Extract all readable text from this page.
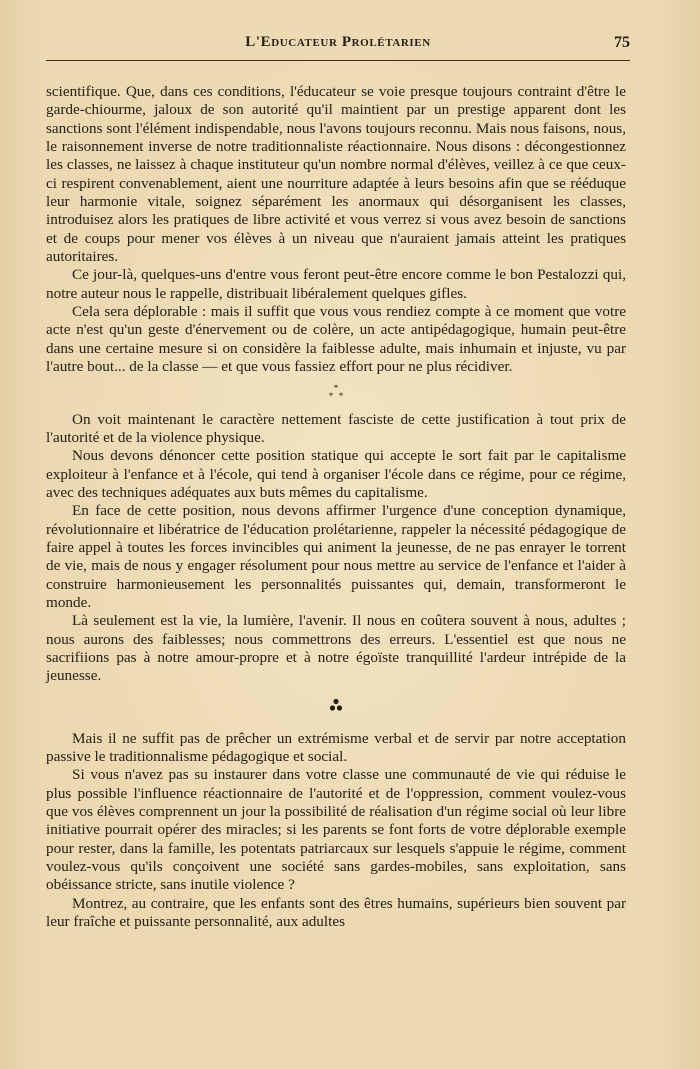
L'Educateur Prolétarien	75

scientifique. Que, dans ces conditions, l'éducateur se voie presque toujours contraint d'être le garde-chiourme, jaloux de son autorité qu'il maintient par un prestige apparent dont les sanctions sont l'élément indispendable, nous l'avons toujours reconnu. Mais nous faisons, nous, le raisonnement inverse de notre traditionnaliste réactionnaire. Nous disons : décongestionnez les classes, ne laissez à chaque instituteur qu'un nombre normal d'élèves, veillez à ce que ceux-ci respirent convenablement, aient une nourriture adaptée à leurs besoins afin que se rééduque leur harmonie vitale, soignez séparément les anormaux qui désorganisent les classes, introduisez alors les pratiques de libre activité et vous verrez si vous avez besoin de sanctions et de coups pour mener vos élèves à un niveau que n'auraient jamais atteint les pratiques autoritaires.

Ce jour-là, quelques-uns d'entre vous feront peut-être encore comme le bon Pestalozzi qui, notre auteur nous le rappelle, distribuait libéralement quelques gifles.

Cela sera déplorable : mais il suffit que vous vous rendiez compte à ce moment que votre acte n'est qu'un geste d'énervement ou de colère, un acte antipédagogique, humain peut-être dans une certaine mesure si on considère la faiblesse adulte, mais inhumain et injuste, vu par l'autre bout... de la classe — et que vous fassiez effort pour ne plus récidiver.

*
* *

On voit maintenant le caractère nettement fasciste de cette justification à tout prix de l'autorité et de la violence physique.

Nous devons dénoncer cette position statique qui accepte le sort fait par le capitalisme exploiteur à l'enfance et à l'école, qui tend à organiser l'école dans ce régime, pour ce régime, avec des techniques adéquates aux buts mêmes du capitalisme.

En face de cette position, nous devons affirmer l'urgence d'une conception dynamique, révolutionnaire et libératrice de l'éducation prolétarienne, rappeler la nécessité pédagogique de faire appel à toutes les forces invincibles qui animent la jeunesse, de ne pas enrayer le torrent de vie, mais de nous y engager résolument pour nous mettre au service de l'enfance et l'aider à construire harmonieusement les personnalités puissantes qui, demain, transformeront le monde.

Là seulement est la vie, la lumière, l'avenir. Il nous en coûtera souvent à nous, adultes ; nous aurons des faiblesses; nous commettrons des erreurs. L'essentiel est que nous ne sacrifiions pas à notre amour-propre et à notre égoïste tranquillité l'ardeur intrépide de la jeunesse.

Mais il ne suffit pas de prêcher un extrémisme verbal et de servir par notre acceptation passive le traditionnalisme pédagogique et social.

Si vous n'avez pas su instaurer dans votre classe une communauté de vie qui réduise le plus possible l'influence réactionnaire de l'autorité et de l'oppression, comment voulez-vous que vos élèves comprennent un jour la possibilité de réalisation d'un régime social où leur libre initiative pourrait opérer des miracles; si les parents se font forts de votre déplorable exemple pour rester, dans la famille, les potentats patriarcaux sur lesquels s'appuie le régime, comment voulez-vous qu'ils conçoivent une société sans gardes-mobiles, sans exploitation, sans obéissance stricte, sans inutile violence ?

Montrez, au contraire, que les enfants sont des êtres humains, supérieurs bien souvent par leur fraîche et puissante personnalité, aux adultes
